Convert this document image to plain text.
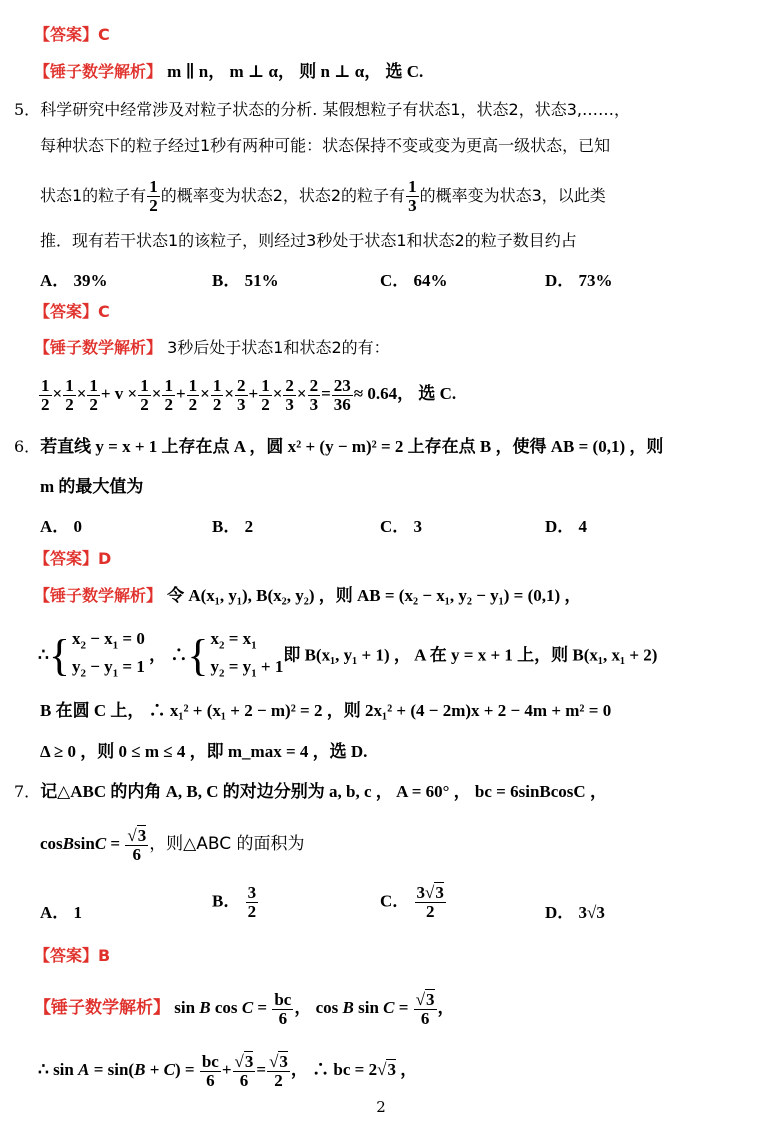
【答案】C
【锤子数学解析】 m ∥ n， m ⊥ α， 则 n ⊥ α， 选 C.
5．科学研究中经常涉及对粒子状态的分析. 某假想粒子有状态1，状态2，状态3,……，
每种状态下的粒子经过1秒有两种可能：状态保持不变或变为更高一级状态，已知
状态1的粒子有 $\frac{1}{2}$ 的概率变为状态2，状态2的粒子有 $\frac{1}{3}$ 的概率变为状态3，以此类
推．现有若干状态1的该粒子，则经过3秒处于状态1和状态2的粒子数目约占
A． 39%	B． 51%	C． 64%	D． 73%
【答案】C
【锤子数学解析】 3秒后处于状态1和状态2的有：
$\frac{1}{2} \times \frac{1}{2} \times \frac{1}{2} + v \times \frac{1}{2} \times \frac{1}{2} + \frac{1}{2} \times \frac{1}{2} \times \frac{2}{3} + \frac{1}{2} \times \frac{2}{3} \times \frac{2}{3} = \frac{23}{36} \approx 0.64$， 选 C.
6．若直线 y = x + 1 上存在点 A ，圆 x² + (y − m)² = 2 上存在点 B ，使得 AB = (0,1) ，则
m 的最大值为
A． 0	B． 2	C． 3	D． 4
【答案】D
【锤子数学解析】 令 A(x₁, y₁), B(x₂, y₂) ，则 AB = (x₂ − x₁, y₂ − y₁) = (0,1) ，
∴ { $x_2 - x_1 = 0$
$y_2 - y_1 = 1$
， ∴ { $x_2 = x_1$
$y_2 = y_1 + 1$
即 B(x₁, y₁ + 1) ， A 在 y = x + 1 上，则 B(x₁, x₁ + 2)
B 在圆 C 上， ∴ x₁² + (x₁ + 2 − m)² = 2 ，则 2x₁² + (4 − 2m)x + 2 − 4m + m² = 0
Δ ≥ 0 ，则 0 ≤ m ≤ 4 ，即 m_max = 4 ，选 D.
7．记△ABC 的内角 A, B, C 的对边分别为 a, b, c ， A = 60° ， bc = 6sinBcosC ，
cosBsinC = $\frac{√3}{6}$ ，则△ABC 的面积为
A． 1
B． $\frac{3}{2}$	C． $\frac{3√3}{2}$	D． 3√3
【答案】B
【锤子数学解析】 sin B $\cos C = \frac{bc}{6}$ ， cos B $\sin C = \frac{√3}{6}$ ，
∴ $\sin A = \sin(B + C) = \frac{bc}{6} + \frac{√3}{6} = \frac{√3}{2}$ ， ∴ bc = 2√3 ，
2
